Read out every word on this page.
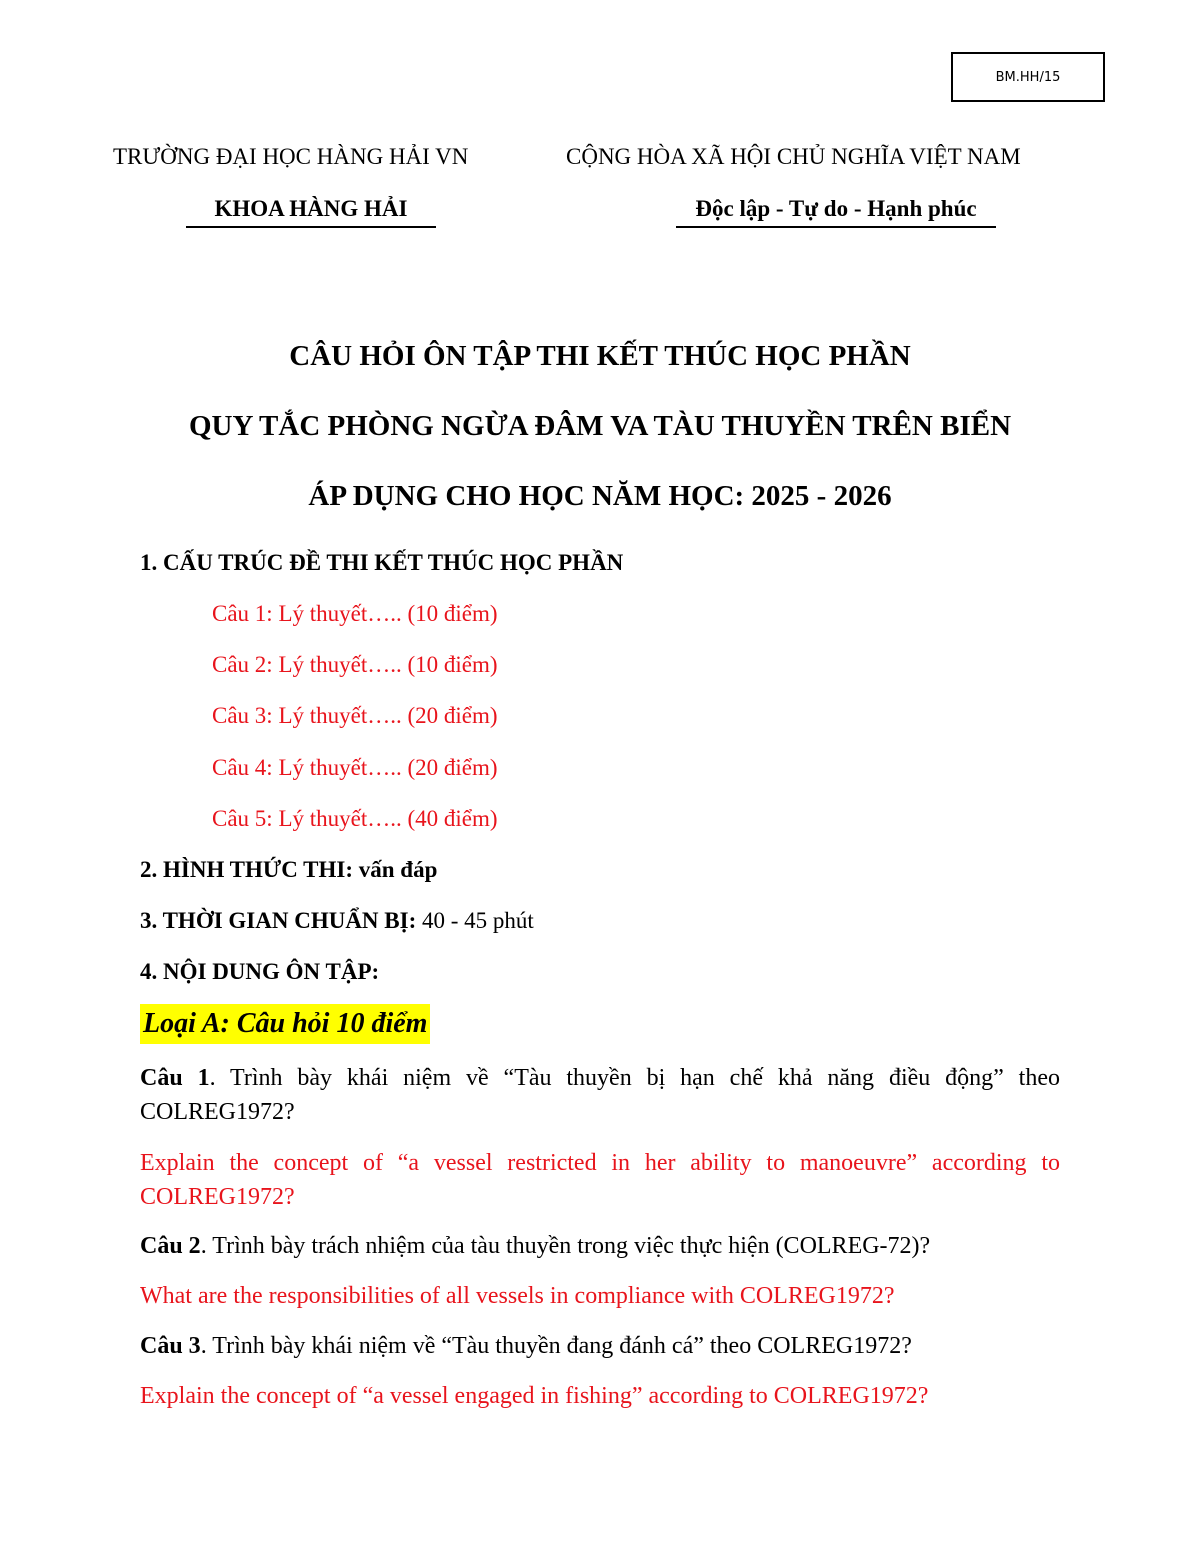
BM.HH/15
TRƯỜNG ĐẠI HỌC HÀNG HẢI VN	CỘNG HÒA XÃ HỘI CHỦ NGHĨA VIỆT NAM
KHOA HÀNG HẢI	Độc lập - Tự do - Hạnh phúc
CÂU HỎI ÔN TẬP THI KẾT THÚC HỌC PHẦN
QUY TẮC PHÒNG NGỪA ĐÂM VA TÀU THUYỀN TRÊN BIỂN
ÁP DỤNG CHO HỌC NĂM HỌC: 2025 - 2026
1. CẤU TRÚC ĐỀ THI KẾT THÚC HỌC PHẦN
Câu 1: Lý thuyết….. (10 điểm)
Câu 2: Lý thuyết….. (10 điểm)
Câu 3: Lý thuyết….. (20 điểm)
Câu 4: Lý thuyết….. (20 điểm)
Câu 5: Lý thuyết….. (40 điểm)
2. HÌNH THỨC THI: vấn đáp
3. THỜI GIAN CHUẨN BỊ: 40 - 45 phút
4. NỘI DUNG ÔN TẬP:
Loại A: Câu hỏi 10 điểm
Câu 1. Trình bày khái niệm về “Tàu thuyền bị hạn chế khả năng điều động” theo COLREG1972?
Explain the concept of “a vessel restricted in her ability to manoeuvre” according to COLREG1972?
Câu 2. Trình bày trách nhiệm của tàu thuyền trong việc thực hiện (COLREG-72)?
What are the responsibilities of all vessels in compliance with COLREG1972?
Câu 3. Trình bày khái niệm về “Tàu thuyền đang đánh cá” theo COLREG1972?
Explain the concept of “a vessel engaged in fishing” according to COLREG1972?
